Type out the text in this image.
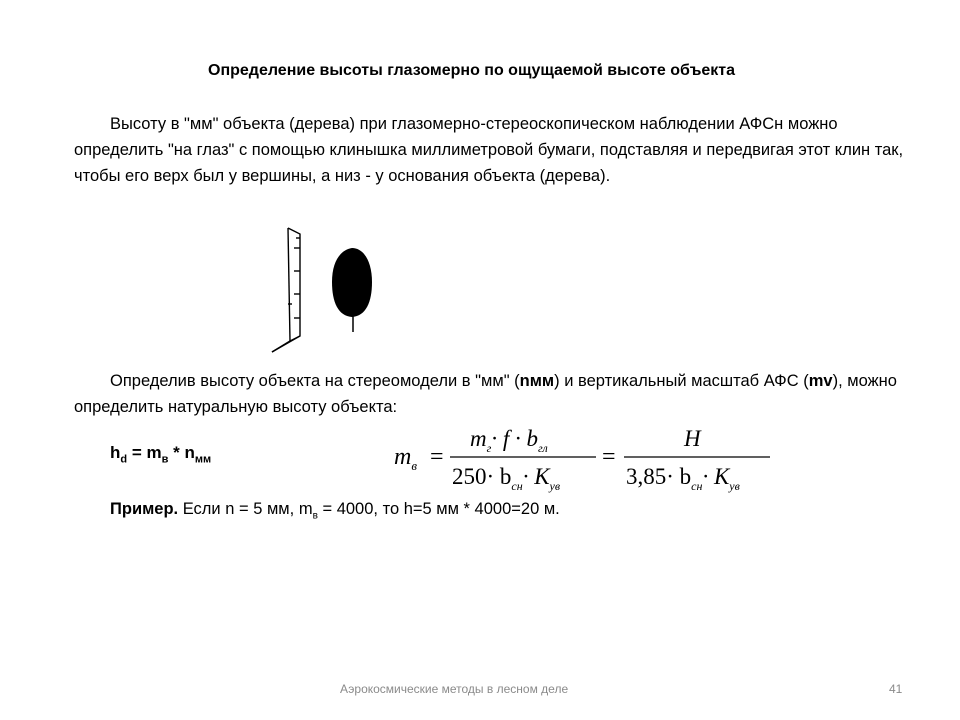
Определение высоты глазомерно по ощущаемой высоте объекта
Высоту в "мм" объекта (дерева) при глазомерно-стереоскопическом наблюдении АФСн можно определить "на глаз" с помощью клинышка миллиметровой бумаги, подставляя и передвигая этот клин так, чтобы его верх был у вершины, а низ - у основания объекта (дерева).
Определив высоту объекта на стереомодели в "мм" (nмм) и вертикальный масштаб АФС (mv), можно определить натуральную высоту объекта:
$h_d = m_в * n_{мм}$	$m_в$ =
$m_г\cdot f \cdot b_{гл}$
$250\cdot b_{сн}\cdot K_{ув}$
=
H
$3,85\cdot b_{сн}\cdot K_{ув}$
Пример. Если n = 5 мм, $m_в = 4000$, то h=5 мм * 4000=20 м.
Аэрокосмические методы в лесном деле	41
